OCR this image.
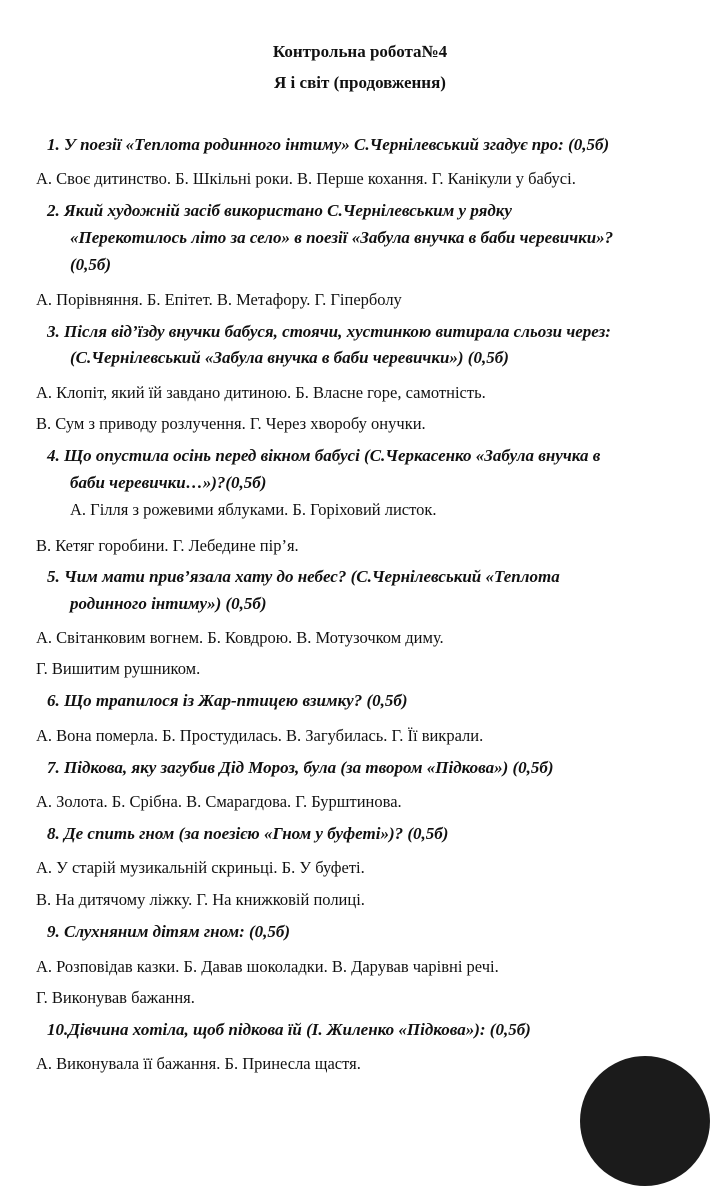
Контрольна робота№4
Я і світ (продовження)
1. У поезії «Теплота родинного інтиму» С.Чернілевський згадує про: (0,5б)
А. Своє дитинство. Б. Шкільні роки. В. Перше кохання. Г. Канікули у бабусі.
2. Який художній засіб використано С.Чернілевським у рядку
«Перекотилось літо за село» в поезії «Забула внучка в баби черевички»?
(0,5б)
А. Порівняння. Б. Епітет. В. Метафору. Г. Гіперболу
3. Після від’їзду внучки бабуся, стоячи, хустинкою витирала сльози через:
(С.Чернілевський «Забула внучка в баби черевички») (0,5б)
А. Клопіт, який їй завдано дитиною. Б. Власне горе, самотність.
В. Сум з приводу розлучення. Г. Через хворобу онучки.
4. Що опустила осінь перед вікном бабусі (С.Черкасенко «Забула внучка в
баби черевички…»)?(0,5б)
А. Гілля з рожевими яблуками. Б. Горіховий листок.
В. Кетяг горобини. Г. Лебедине пір’я.
5. Чим мати прив’язала хату до небес? (С.Чернілевський «Теплота
родинного інтиму») (0,5б)
А. Світанковим вогнем. Б. Ковдрою. В. Мотузочком диму.
Г. Вишитим рушником.
6. Що трапилося із Жар-птицею взимку? (0,5б)
А. Вона померла. Б. Простудилась. В. Загубилась. Г. Її викрали.
7. Підкова, яку загубив Дід Мороз, була (за твором «Підкова») (0,5б)
А. Золота. Б. Срібна. В. Смарагдова. Г. Бурштинова.
8. Де спить гном (за поезією «Гном у буфеті»)? (0,5б)
А. У старій музикальній скриньці. Б. У буфеті.
В. На дитячому ліжку. Г. На книжковій полиці.
9. Слухняним дітям гном: (0,5б)
А. Розповідав казки. Б. Давав шоколадки. В. Дарував чарівні речі.
Г. Виконував бажання.
10.Дівчина хотіла, щоб підкова їй (І. Жиленко «Підкова»): (0,5б)
А. Виконувала її бажання. Б. Принесла щастя.
